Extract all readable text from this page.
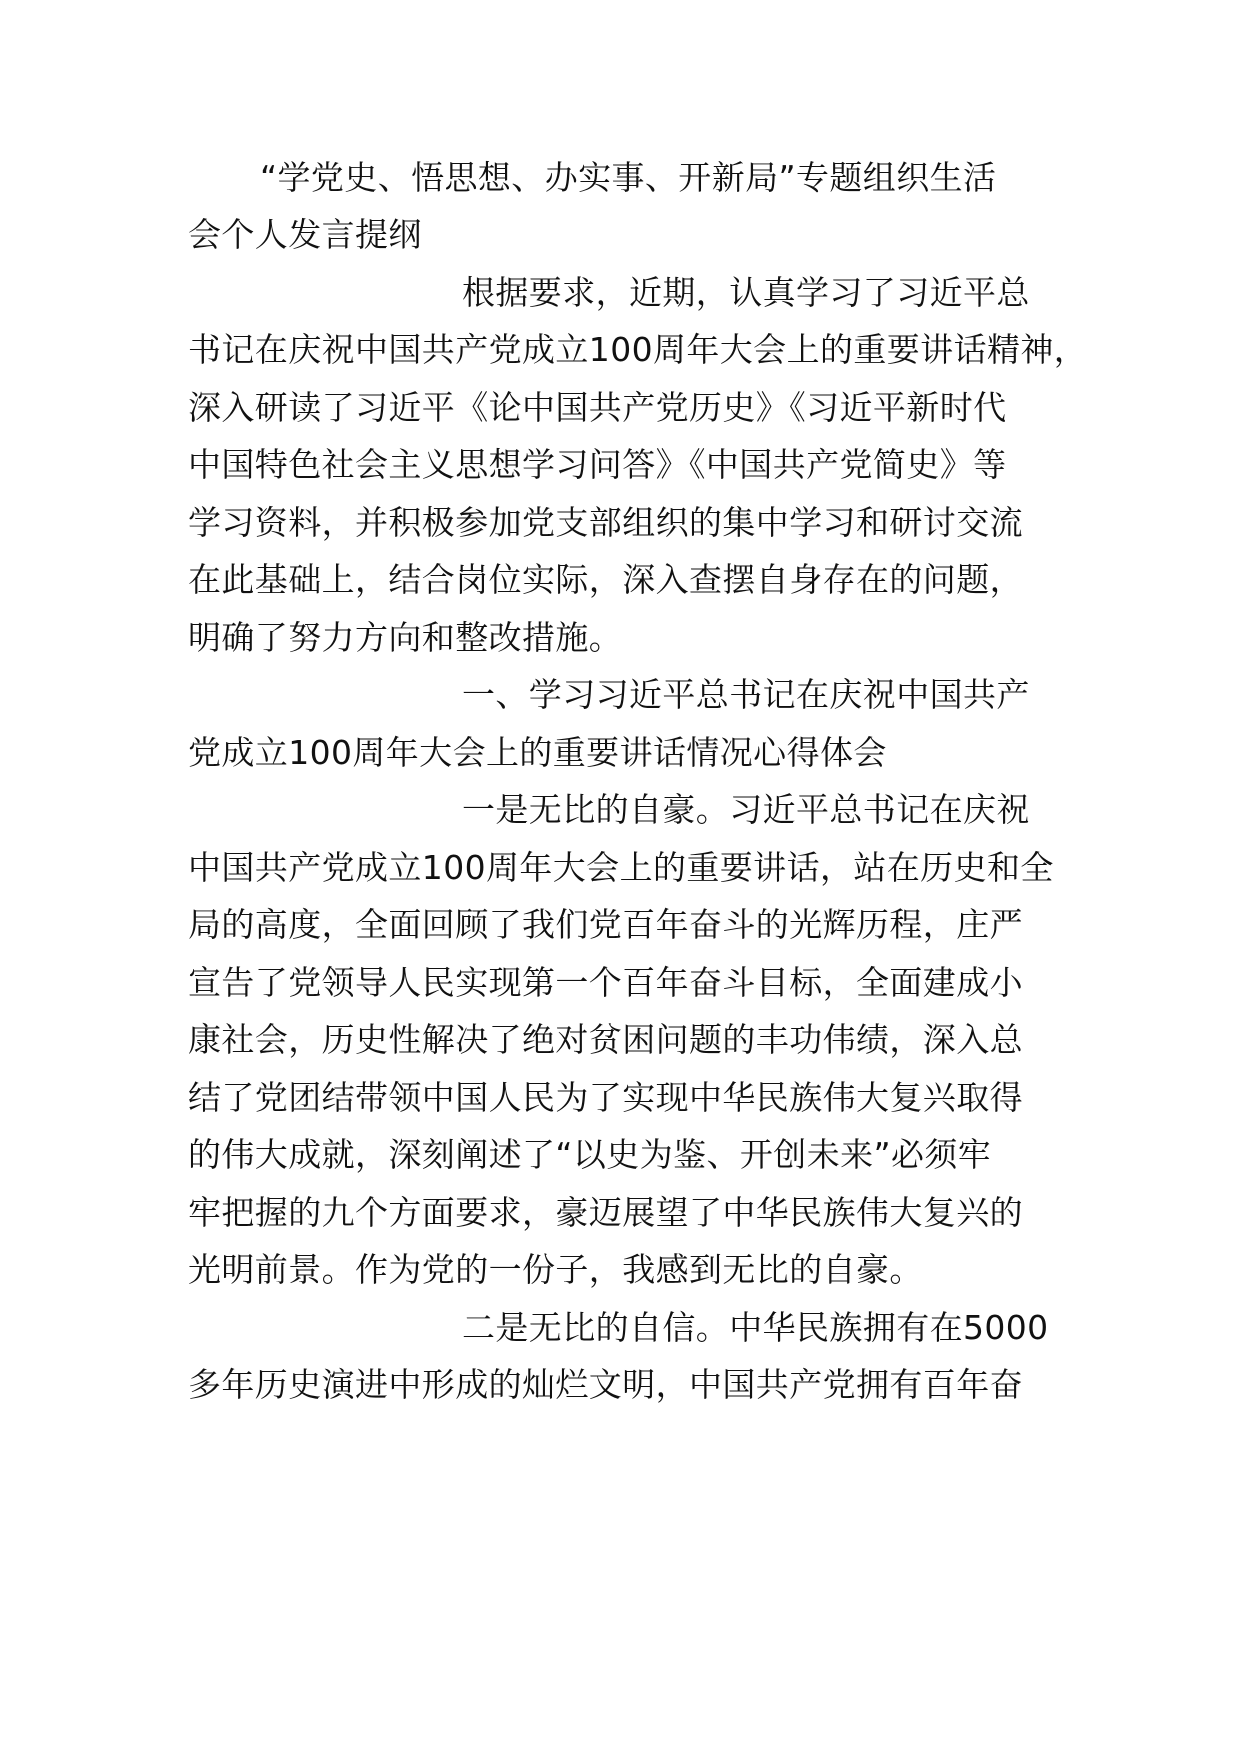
“学党史、悟思想、办实事、开新局”专题组织生活
会个人发言提纲
根据要求，近期，认真学习了习近平总
书记在庆祝中国共产党成立100周年大会上的重要讲话精神，
深入研读了习近平《论中国共产党历史》《习近平新时代
中国特色社会主义思想学习问答》《中国共产党简史》等
学习资料，并积极参加党支部组织的集中学习和研讨交流
在此基础上，结合岗位实际，深入查摆自身存在的问题，
明确了努力方向和整改措施。
一、学习习近平总书记在庆祝中国共产
党成立100周年大会上的重要讲话情况心得体会
一是无比的自豪。习近平总书记在庆祝
中国共产党成立100周年大会上的重要讲话，站在历史和全
局的高度，全面回顾了我们党百年奋斗的光辉历程，庄严
宣告了党领导人民实现第一个百年奋斗目标，全面建成小
康社会，历史性解决了绝对贫困问题的丰功伟绩，深入总
结了党团结带领中国人民为了实现中华民族伟大复兴取得
的伟大成就，深刻阐述了“以史为鉴、开创未来”必须牢
牢把握的九个方面要求，豪迈展望了中华民族伟大复兴的
光明前景。作为党的一份子，我感到无比的自豪。
二是无比的自信。中华民族拥有在5000
多年历史演进中形成的灿烂文明，中国共产党拥有百年奋
